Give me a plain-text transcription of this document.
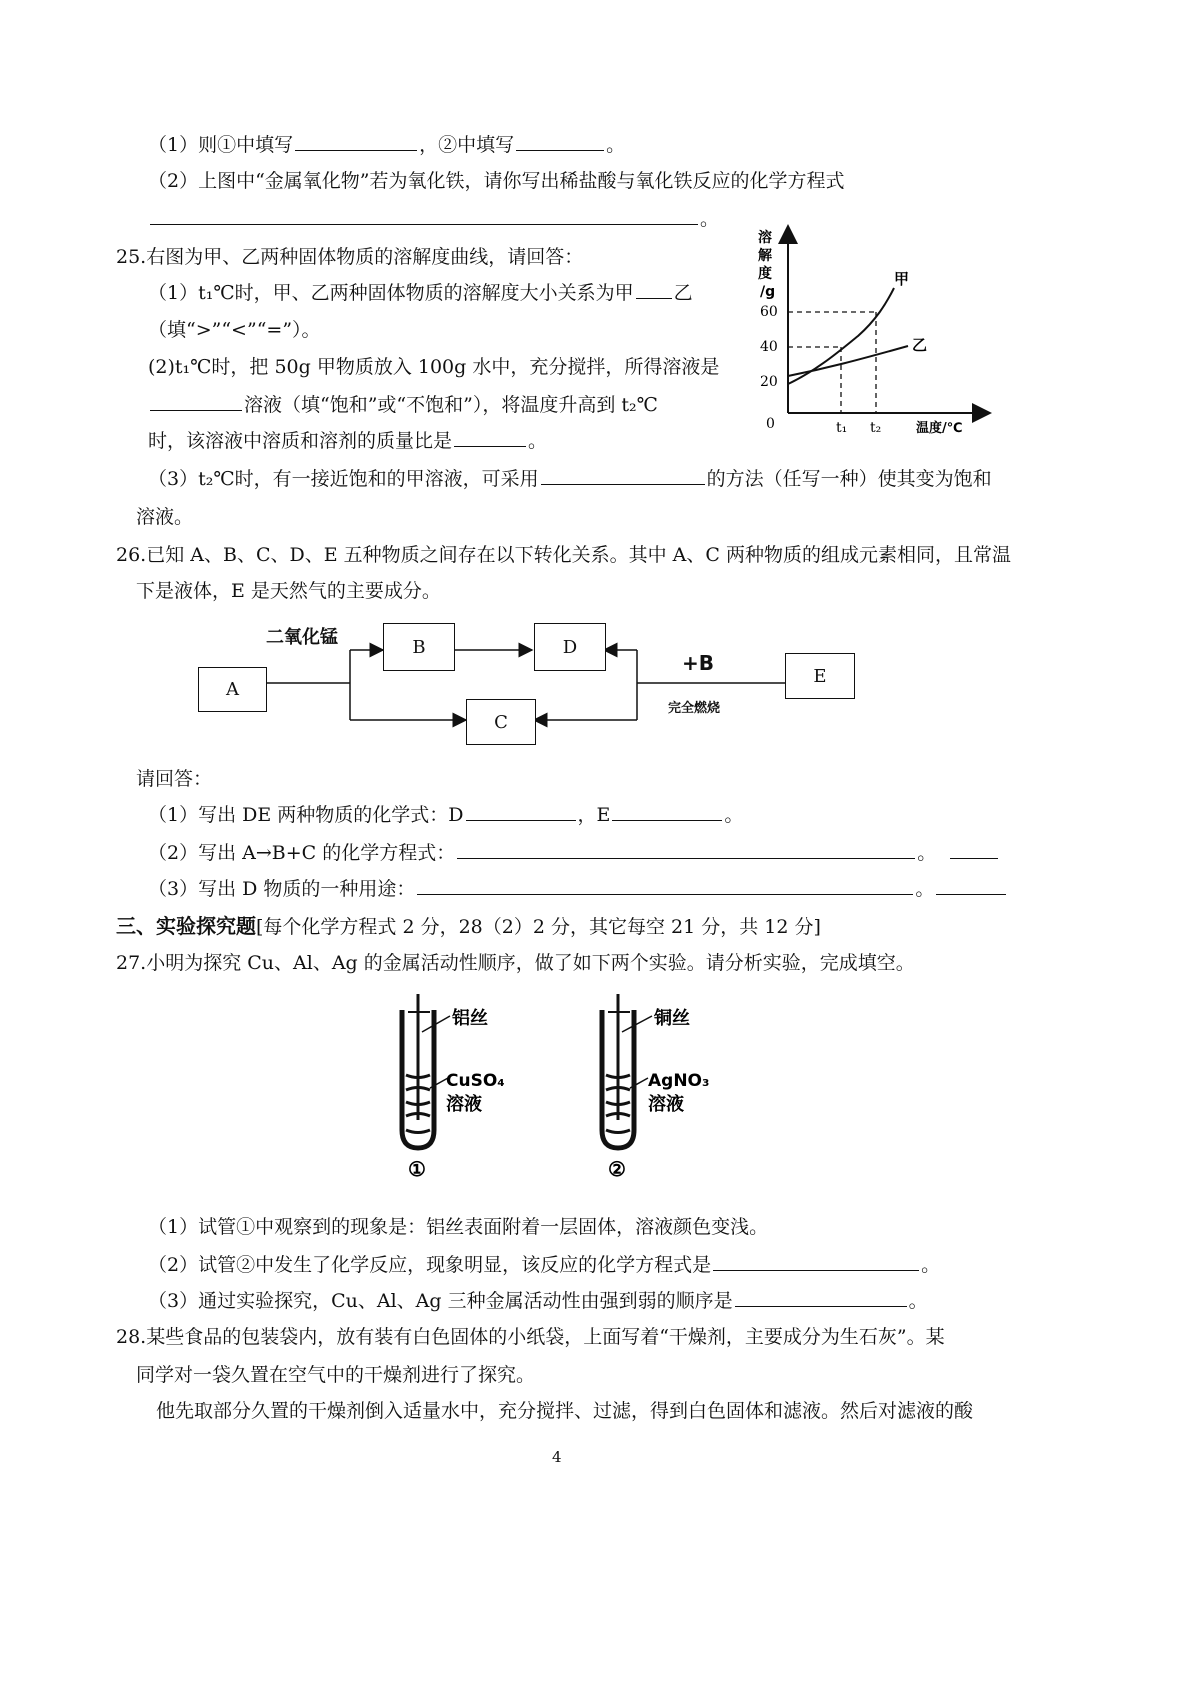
（1）则①中填写	，②中填写	。
（2）上图中“金属氧化物”若为氧化铁，请你写出稀盐酸与氧化铁反应的化学方程式
。
25.右图为甲、乙两种固体物质的溶解度曲线，请回答：
（1）t₁℃时，甲、乙两种固体物质的溶解度大小关系为甲 乙
（填“>”“<”“=”）。
(2)t₁℃时，把 50g 甲物质放入 100g 水中，充分搅拌，所得溶液是
溶液（填“饱和”或“不饱和”），将温度升高到 t₂℃
时，该溶液中溶质和溶剂的质量比是	。
（3）t₂℃时，有一接近饱和的甲溶液，可采用	的方法（任写一种）使其变为饱和
溶液。
溶
解
度
/g
60
40
20
0
甲
乙
t₁ t₂	温度/℃
26.已知 A、B、C、D、E 五种物质之间存在以下转化关系。其中 A、C 两种物质的组成元素相同，且常温
下是液体，E 是天然气的主要成分。
A
B	D
C
E
二氧化锰
+B
完全燃烧
请回答：
（1）写出 DE 两种物质的化学式：D	，E	。
（2）写出 A→B+C 的化学方程式：	。
（3）写出 D 物质的一种用途：	。
三、实验探究题[每个化学方程式 2 分，28（2）2 分，其它每空 21 分，共 12 分]
27.小明为探究 Cu、Al、Ag 的金属活动性顺序，做了如下两个实验。请分析实验，完成填空。
铝丝
CuSO₄
溶液
①
铜丝
AgNO₃
溶液
②
（1）试管①中观察到的现象是：铝丝表面附着一层固体，溶液颜色变浅。
（2）试管②中发生了化学反应，现象明显，该反应的化学方程式是	。
（3）通过实验探究，Cu、Al、Ag 三种金属活动性由强到弱的顺序是	。
28.某些食品的包装袋内，放有装有白色固体的小纸袋，上面写着“干燥剂，主要成分为生石灰”。某
同学对一袋久置在空气中的干燥剂进行了探究。
他先取部分久置的干燥剂倒入适量水中，充分搅拌、过滤，得到白色固体和滤液。然后对滤液的酸
4
